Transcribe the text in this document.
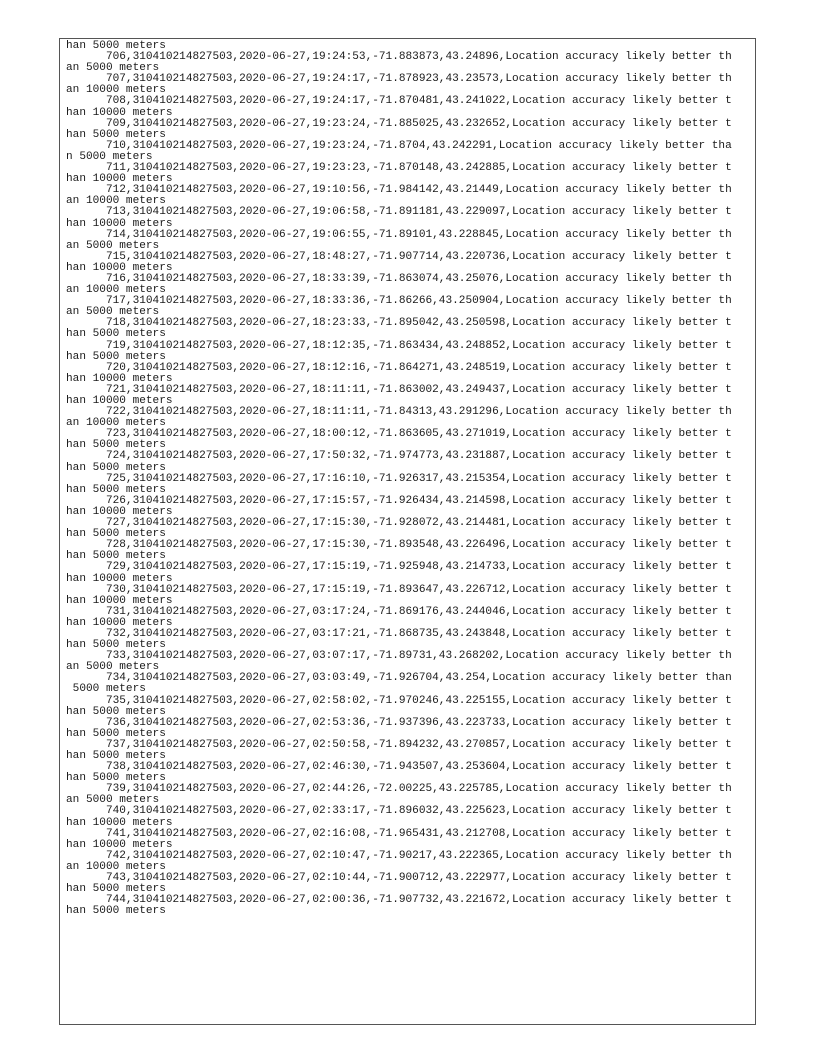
han 5000 meters
706,310410214827503,2020-06-27,19:24:53,-71.883873,43.24896,Location accuracy likely better th
an 5000 meters
707,310410214827503,2020-06-27,19:24:17,-71.878923,43.23573,Location accuracy likely better th
an 10000 meters
708,310410214827503,2020-06-27,19:24:17,-71.870481,43.241022,Location accuracy likely better t
han 10000 meters
709,310410214827503,2020-06-27,19:23:24,-71.885025,43.232652,Location accuracy likely better t
han 5000 meters
710,310410214827503,2020-06-27,19:23:24,-71.8704,43.242291,Location accuracy likely better tha
n 5000 meters
711,310410214827503,2020-06-27,19:23:23,-71.870148,43.242885,Location accuracy likely better t
han 10000 meters
712,310410214827503,2020-06-27,19:10:56,-71.984142,43.21449,Location accuracy likely better th
an 10000 meters
713,310410214827503,2020-06-27,19:06:58,-71.891181,43.229097,Location accuracy likely better t
han 10000 meters
714,310410214827503,2020-06-27,19:06:55,-71.89101,43.228845,Location accuracy likely better th
an 5000 meters
715,310410214827503,2020-06-27,18:48:27,-71.907714,43.220736,Location accuracy likely better t
han 10000 meters
716,310410214827503,2020-06-27,18:33:39,-71.863074,43.25076,Location accuracy likely better th
an 10000 meters
717,310410214827503,2020-06-27,18:33:36,-71.86266,43.250904,Location accuracy likely better th
an 5000 meters
718,310410214827503,2020-06-27,18:23:33,-71.895042,43.250598,Location accuracy likely better t
han 5000 meters
719,310410214827503,2020-06-27,18:12:35,-71.863434,43.248852,Location accuracy likely better t
han 5000 meters
720,310410214827503,2020-06-27,18:12:16,-71.864271,43.248519,Location accuracy likely better t
han 10000 meters
721,310410214827503,2020-06-27,18:11:11,-71.863002,43.249437,Location accuracy likely better t
han 10000 meters
722,310410214827503,2020-06-27,18:11:11,-71.84313,43.291296,Location accuracy likely better th
an 10000 meters
723,310410214827503,2020-06-27,18:00:12,-71.863605,43.271019,Location accuracy likely better t
han 5000 meters
724,310410214827503,2020-06-27,17:50:32,-71.974773,43.231887,Location accuracy likely better t
han 5000 meters
725,310410214827503,2020-06-27,17:16:10,-71.926317,43.215354,Location accuracy likely better t
han 5000 meters
726,310410214827503,2020-06-27,17:15:57,-71.926434,43.214598,Location accuracy likely better t
han 10000 meters
727,310410214827503,2020-06-27,17:15:30,-71.928072,43.214481,Location accuracy likely better t
han 5000 meters
728,310410214827503,2020-06-27,17:15:30,-71.893548,43.226496,Location accuracy likely better t
han 5000 meters
729,310410214827503,2020-06-27,17:15:19,-71.925948,43.214733,Location accuracy likely better t
han 10000 meters
730,310410214827503,2020-06-27,17:15:19,-71.893647,43.226712,Location accuracy likely better t
han 10000 meters
731,310410214827503,2020-06-27,03:17:24,-71.869176,43.244046,Location accuracy likely better t
han 10000 meters
732,310410214827503,2020-06-27,03:17:21,-71.868735,43.243848,Location accuracy likely better t
han 5000 meters
733,310410214827503,2020-06-27,03:07:17,-71.89731,43.268202,Location accuracy likely better th
an 5000 meters
734,310410214827503,2020-06-27,03:03:49,-71.926704,43.254,Location accuracy likely better than
5000 meters
735,310410214827503,2020-06-27,02:58:02,-71.970246,43.225155,Location accuracy likely better t
han 5000 meters
736,310410214827503,2020-06-27,02:53:36,-71.937396,43.223733,Location accuracy likely better t
han 5000 meters
737,310410214827503,2020-06-27,02:50:58,-71.894232,43.270857,Location accuracy likely better t
han 5000 meters
738,310410214827503,2020-06-27,02:46:30,-71.943507,43.253604,Location accuracy likely better t
han 5000 meters
739,310410214827503,2020-06-27,02:44:26,-72.00225,43.225785,Location accuracy likely better th
an 5000 meters
740,310410214827503,2020-06-27,02:33:17,-71.896032,43.225623,Location accuracy likely better t
han 10000 meters
741,310410214827503,2020-06-27,02:16:08,-71.965431,43.212708,Location accuracy likely better t
han 10000 meters
742,310410214827503,2020-06-27,02:10:47,-71.90217,43.222365,Location accuracy likely better th
an 10000 meters
743,310410214827503,2020-06-27,02:10:44,-71.900712,43.222977,Location accuracy likely better t
han 5000 meters
744,310410214827503,2020-06-27,02:00:36,-71.907732,43.221672,Location accuracy likely better t
han 5000 meters
